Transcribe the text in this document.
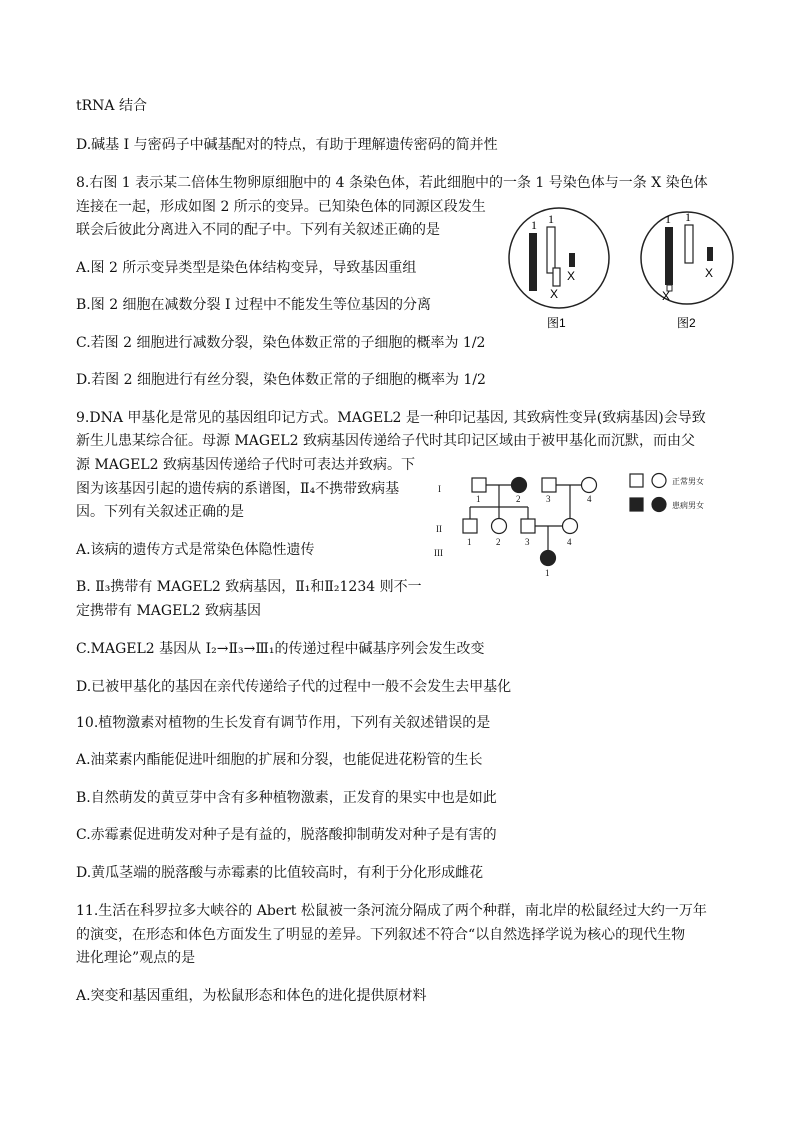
tRNA 结合
D.碱基 I 与密码子中碱基配对的特点，有助于理解遗传密码的简并性
8.右图 1 表示某二倍体生物卵原细胞中的 4 条染色体，若此细胞中的一条 1 号染色体与一条 X 染色体
连接在一起，形成如图 2 所示的变异。已知染色体的同源区段发生
联会后彼此分离进入不同的配子中。下列有关叙述正确的是
A.图 2 所示变异类型是染色体结构变异，导致基因重组
B.图 2 细胞在减数分裂 I 过程中不能发生等位基因的分离
C.若图 2 细胞进行减数分裂，染色体数正常的子细胞的概率为 1/2
D.若图 2 细胞进行有丝分裂，染色体数正常的子细胞的概率为 1/2
9.DNA 甲基化是常见的基因组印记方式。MAGEL2 是一种印记基因, 其致病性变异(致病基因)会导致
新生儿患某综合征。母源 MAGEL2 致病基因传递给子代时其印记区域由于被甲基化而沉默，而由父
源 MAGEL2 致病基因传递给子代时可表达并致病。下
图为该基因引起的遗传病的系谱图，Ⅱ₄不携带致病基
因。下列有关叙述正确的是
A.该病的遗传方式是常染色体隐性遗传
B. Ⅱ₃携带有 MAGEL2 致病基因，Ⅱ₁和Ⅱ₂1234 则不一
定携带有 MAGEL2 致病基因
C.MAGEL2 基因从 I₂→Ⅱ₃→Ⅲ₁的传递过程中碱基序列会发生改变
D.已被甲基化的基因在亲代传递给子代的过程中一般不会发生去甲基化
10.植物激素对植物的生长发育有调节作用，下列有关叙述错误的是
A.油菜素内酯能促进叶细胞的扩展和分裂，也能促进花粉管的生长
B.自然萌发的黄豆芽中含有多种植物激素，正发育的果实中也是如此
C.赤霉素促进萌发对种子是有益的，脱落酸抑制萌发对种子是有害的
D.黄瓜茎端的脱落酸与赤霉素的比值较高时，有利于分化形成雌花
11.生活在科罗拉多大峡谷的 Abert 松鼠被一条河流分隔成了两个种群，南北岸的松鼠经过大约一万年
的演变，在形态和体色方面发生了明显的差异。下列叙述不符合“以自然选择学说为核心的现代生物
进化理论”观点的是
A.突变和基因重组，为松鼠形态和体色的进化提供原材料
1 1
X
X
图1
1 1
X
X
图2
I
II
III
1	2	3	4
1	2	3	4
1
正常男女
患病男女
